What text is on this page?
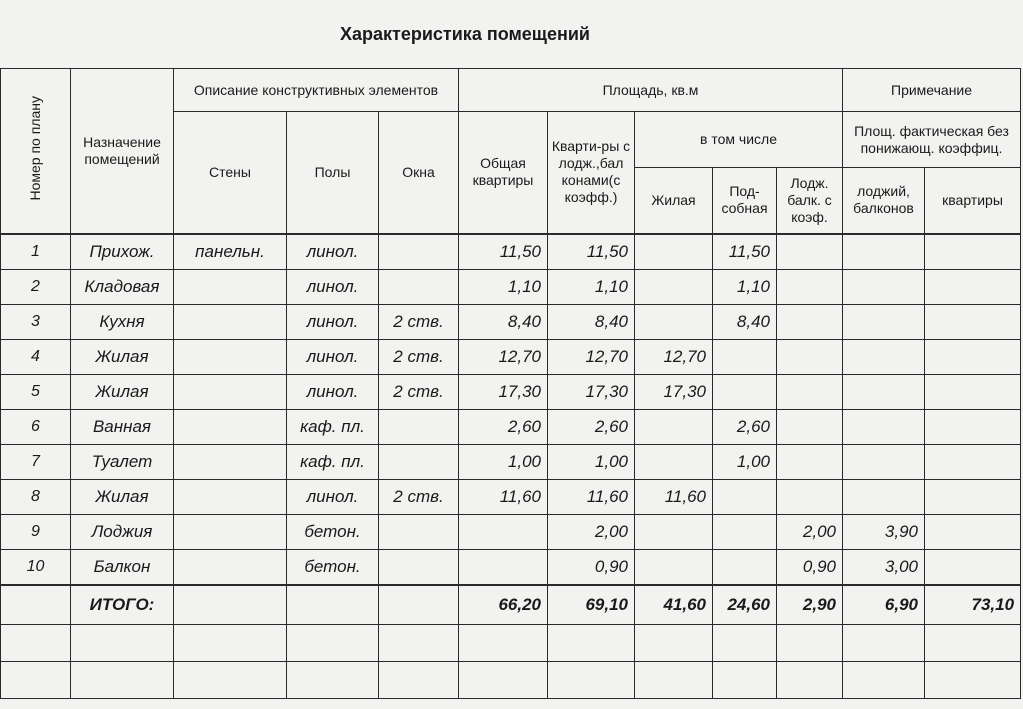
Характеристика помещений
Номер по плану	Назначение помещений	Описание конструктивных элементов			Площадь, кв.м					Примечание	
		Стены	Полы	Окна	Общая квартиры	Кварти-ры с лодж.,бал конами(с коэфф.)	в том числе			Площ. фактическая без понижающ. коэффиц.	
							Жилая	Под-собная	Лодж. балк. с коэф.	лоджий, балконов	квартиры
1	Прихож.	панельн.	линол.		11,50	11,50		11,50			
2	Кладовая		линол.		1,10	1,10		1,10			
3	Кухня		линол.	2 ств.	8,40	8,40		8,40			
4	Жилая		линол.	2 ств.	12,70	12,70	12,70				
5	Жилая		линол.	2 ств.	17,30	17,30	17,30				
6	Ванная		каф. пл.		2,60	2,60		2,60			
7	Туалет		каф. пл.		1,00	1,00		1,00			
8	Жилая		линол.	2 ств.	11,60	11,60	11,60				
9	Лоджия		бетон.			2,00			2,00	3,90	
10	Балкон		бетон.			0,90			0,90	3,00	
	ИТОГО:				66,20	69,10	41,60	24,60	2,90	6,90	73,10
